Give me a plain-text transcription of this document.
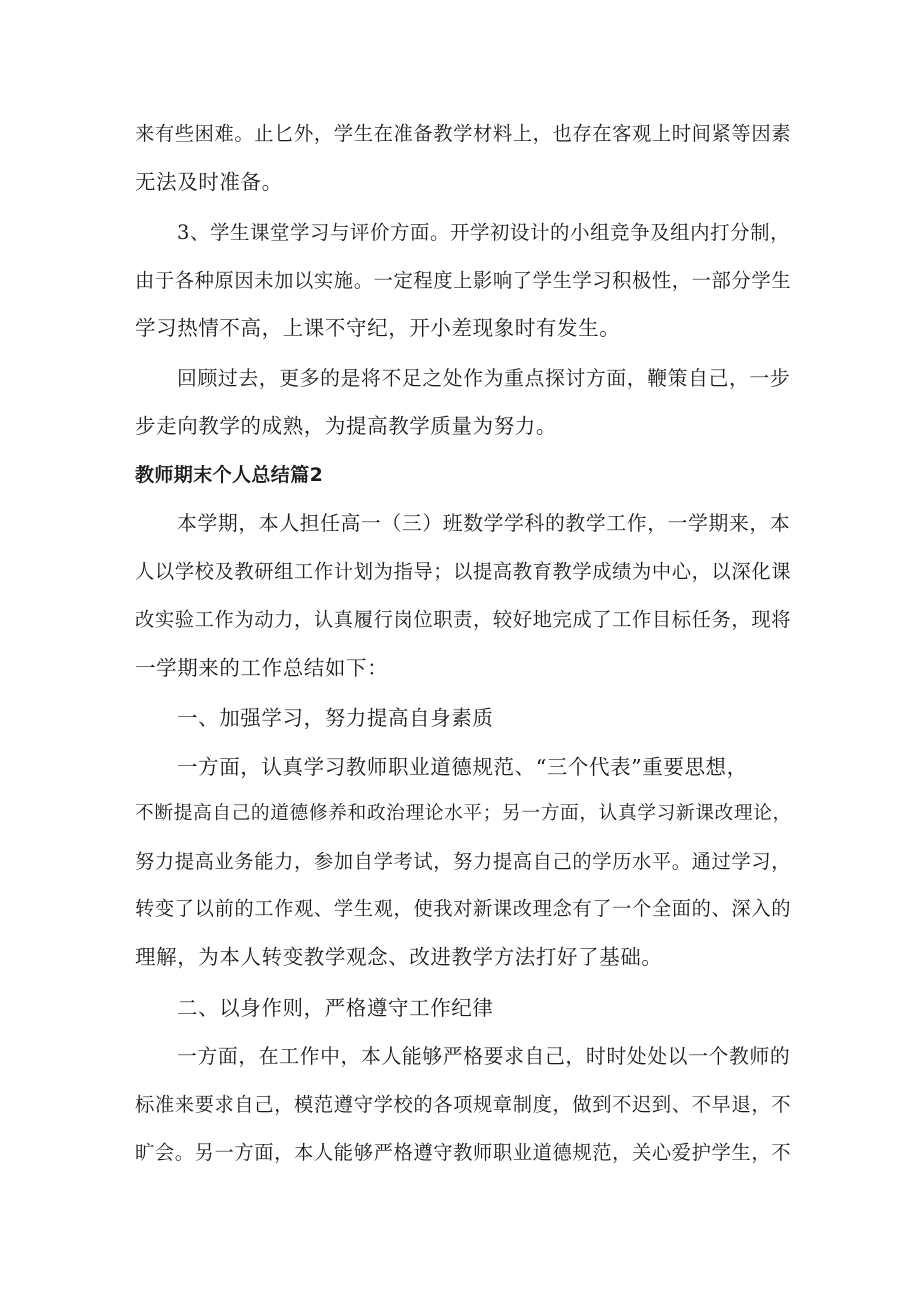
来有些困难。止匕外，学生在准备教学材料上，也存在客观上时间紧等因素
无法及时准备。
3、学生课堂学习与评价方面。开学初设计的小组竞争及组内打分制，
由于各种原因未加以实施。一定程度上影响了学生学习积极性，一部分学生
学习热情不高，上课不守纪，开小差现象时有发生。
回顾过去，更多的是将不足之处作为重点探讨方面，鞭策自己，一步
步走向教学的成熟，为提高教学质量为努力。
教师期末个人总结篇2
本学期，本人担任高一（三）班数学学科的教学工作，一学期来，本
人以学校及教研组工作计划为指导；以提高教育教学成绩为中心，以深化课
改实验工作为动力，认真履行岗位职责，较好地完成了工作目标任务，现将
一学期来的工作总结如下：
一、加强学习，努力提高自身素质
一方面，认真学习教师职业道德规范、“三个代表”重要思想，
不断提高自己的道德修养和政治理论水平；另一方面，认真学习新课改理论，
努力提高业务能力，参加自学考试，努力提高自己的学历水平。通过学习，
转变了以前的工作观、学生观，使我对新课改理念有了一个全面的、深入的
理解，为本人转变教学观念、改进教学方法打好了基础。
二、以身作则，严格遵守工作纪律
一方面，在工作中，本人能够严格要求自己，时时处处以一个教师的
标准来要求自己，模范遵守学校的各项规章制度，做到不迟到、不早退，不
旷会。另一方面，本人能够严格遵守教师职业道德规范，关心爱护学生，不
